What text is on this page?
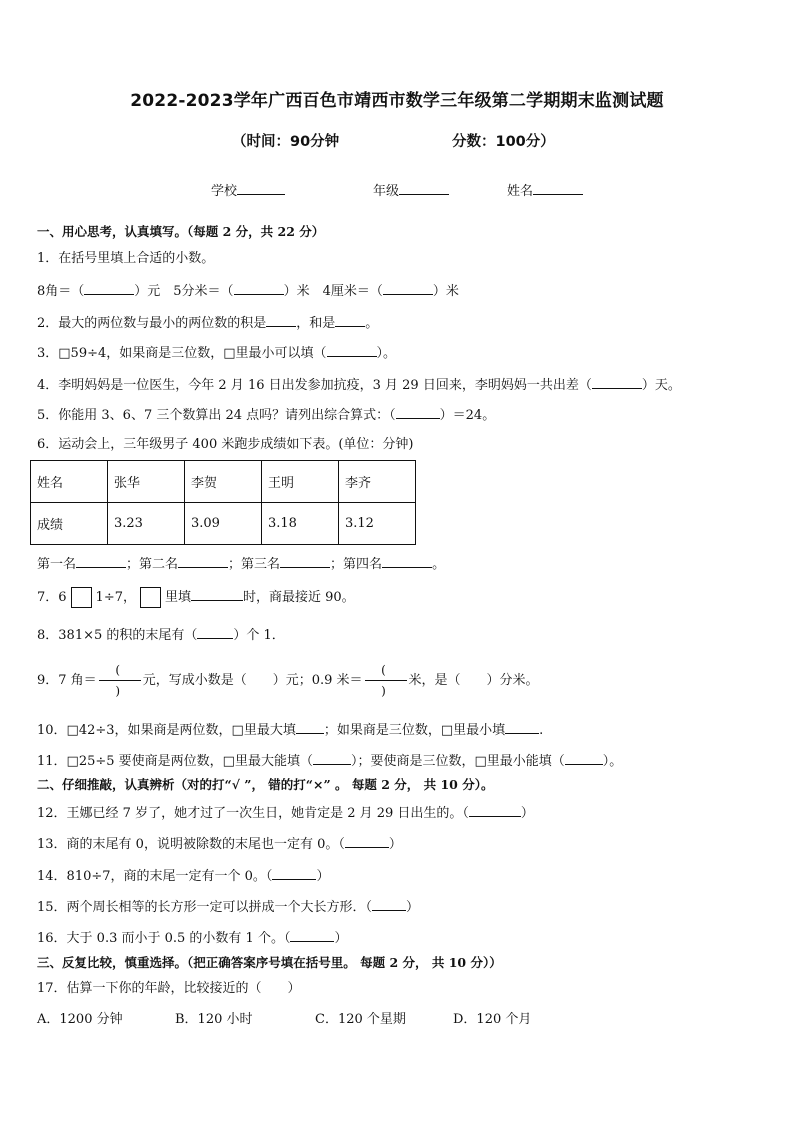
2022-2023学年广西百色市靖西市数学三年级第二学期期末监测试题
（时间：90分钟	分数：100分）
学校	年级	姓名
一、用心思考，认真填写。（每题 2 分，共 22 分）
1．在括号里填上合适的小数。
8角＝（	）元　5分米＝（	）米　4厘米＝（	）米
2．最大的两位数与最小的两位数的积是 ，和是 。
3．□59÷4，如果商是三位数，□里最小可以填（	）。
4．李明妈妈是一位医生，今年 2 月 16 日出发参加抗疫，3 月 29 日回来，李明妈妈一共出差（	）天。
5．你能用 3、6、7 三个数算出 24 点吗？请列出综合算式：（	）＝24。
6．运动会上，三年级男子 400 米跑步成绩如下表。(单位：分钟)
姓名	张华	李贺	王明	李齐
成绩	3.23	3.09	3.18	3.12
第一名	；第二名	；第三名	；第四名	。
7．6 1÷7， 里填	时，商最接近 90。
8．381×5 的积的末尾有（	）个 1．
9．7 角＝ $\frac{(}{)}$ 元，写成小数是（　　）元；0.9 米＝ $\frac{(}{)}$ 米，是（　　）分米。
10．□42÷3，如果商是两位数，□里最大填 ；如果商是三位数，□里最小填	.
11．□25÷5 要使商是两位数，□里最大能填（	）；要使商是三位数，□里最小能填（	）。
二、仔细推敲，认真辨析（对的打“√ ”， 错的打“×” 。 每题 2 分， 共 10 分）。
12．王娜已经 7 岁了，她才过了一次生日，她肯定是 2 月 29 日出生的。（	）
13．商的末尾有 0，说明被除数的末尾也一定有 0。（	）
14．810÷7，商的末尾一定有一个 0。（	）
15．两个周长相等的长方形一定可以拼成一个大长方形．（	）
16．大于 0.3 而小于 0.5 的小数有 1 个。（	）
三、反复比较，慎重选择。（把正确答案序号填在括号里。 每题 2 分， 共 10 分））
17．估算一下你的年龄，比较接近的（　　）
A．1200 分钟	B．120 小时	C．120 个星期	D．120 个月
